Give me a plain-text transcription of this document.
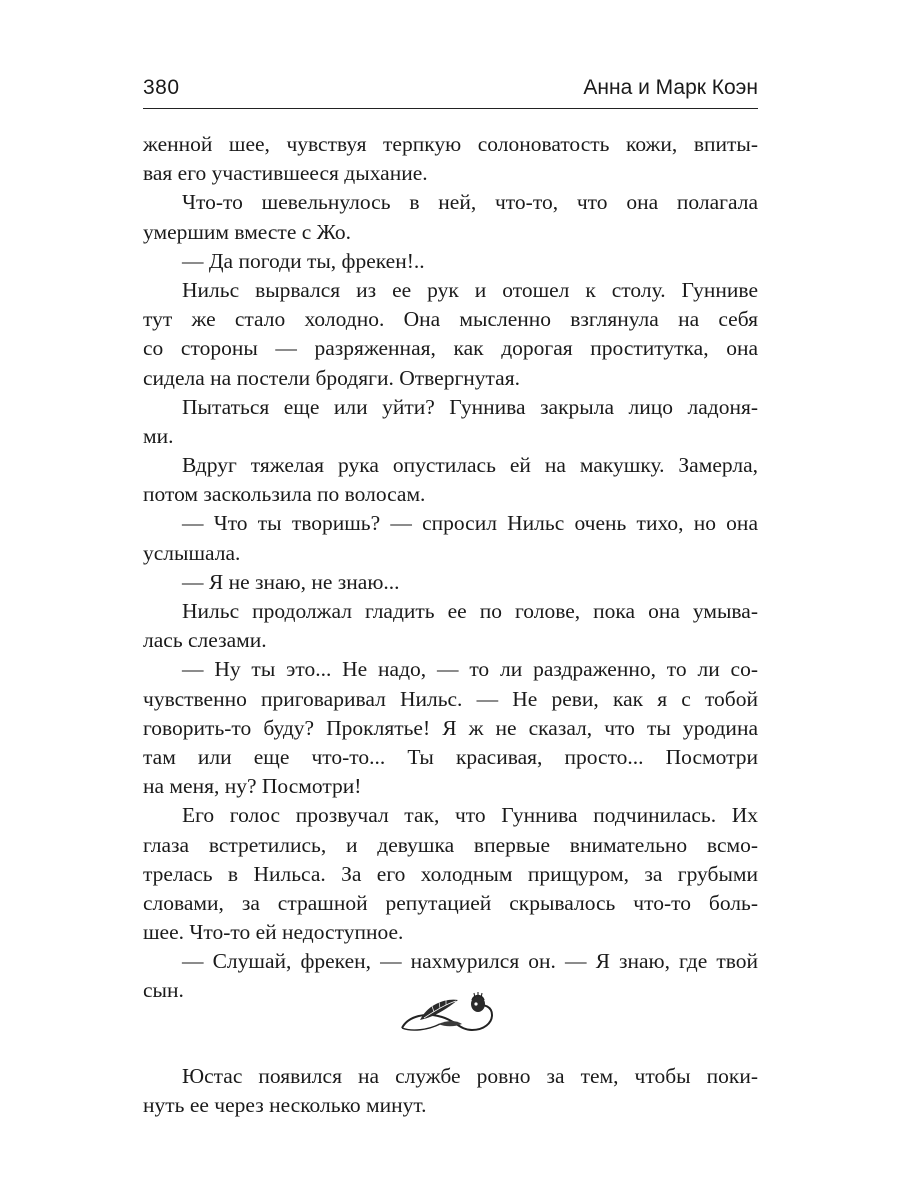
380	Анна и Марк Коэн
женной шее, чувствуя терпкую солоноватость кожи, впиты-
вая его участившееся дыхание.
Что-то шевельнулось в ней, что-то, что она полагала
умершим вместе с Жо.
— Да погоди ты, фрекен!..
Нильс вырвался из ее рук и отошел к столу. Гунниве
тут же стало холодно. Она мысленно взглянула на себя
со стороны — разряженная, как дорогая проститутка, она
сидела на постели бродяги. Отвергнутая.
Пытаться еще или уйти? Гуннива закрыла лицо ладоня-
ми.
Вдруг тяжелая рука опустилась ей на макушку. Замерла,
потом заскользила по волосам.
— Что ты творишь? — спросил Нильс очень тихо, но она
услышала.
— Я не знаю, не знаю...
Нильс продолжал гладить ее по голове, пока она умыва-
лась слезами.
— Ну ты это... Не надо, — то ли раздраженно, то ли со-
чувственно приговаривал Нильс. — Не реви, как я с тобой
говорить-то буду? Проклятье! Я ж не сказал, что ты уродина
там или еще что-то... Ты красивая, просто... Посмотри
на меня, ну? Посмотри!
Его голос прозвучал так, что Гуннива подчинилась. Их
глаза встретились, и девушка впервые внимательно всмо-
трелась в Нильса. За его холодным прищуром, за грубыми
словами, за страшной репутацией скрывалось что-то боль-
шее. Что-то ей недоступное.
— Слушай, фрекен, — нахмурился он. — Я знаю, где твой
сын.
Юстас появился на службе ровно за тем, чтобы поки-
нуть ее через несколько минут.
